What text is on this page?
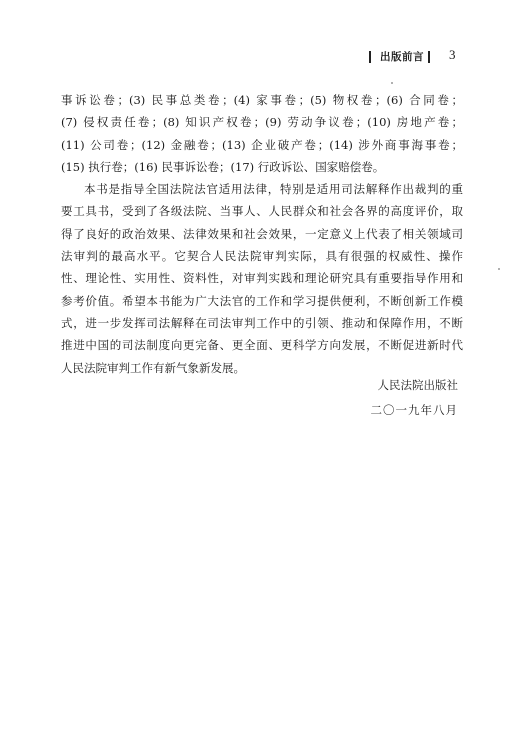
出版前言 3
事诉讼卷；(3) 民事总类卷；(4) 家事卷；(5) 物权卷；(6) 合同卷；
(7) 侵权责任卷；(8) 知识产权卷；(9) 劳动争议卷；(10) 房地产卷；
(11) 公司卷；(12) 金融卷；(13) 企业破产卷；(14) 涉外商事海事卷；
(15) 执行卷；(16) 民事诉讼卷；(17) 行政诉讼、国家赔偿卷。
本书是指导全国法院法官适用法律，特别是适用司法解释作出裁判的重
要工具书，受到了各级法院、当事人、人民群众和社会各界的高度评价，取
得了良好的政治效果、法律效果和社会效果，一定意义上代表了相关领域司
法审判的最高水平。它契合人民法院审判实际，具有很强的权威性、操作
性、理论性、实用性、资料性，对审判实践和理论研究具有重要指导作用和
参考价值。希望本书能为广大法官的工作和学习提供便利，不断创新工作模
式，进一步发挥司法解释在司法审判工作中的引领、推动和保障作用，不断
推进中国的司法制度向更完备、更全面、更科学方向发展，不断促进新时代
人民法院审判工作有新气象新发展。
人民法院出版社
二〇一九年八月
